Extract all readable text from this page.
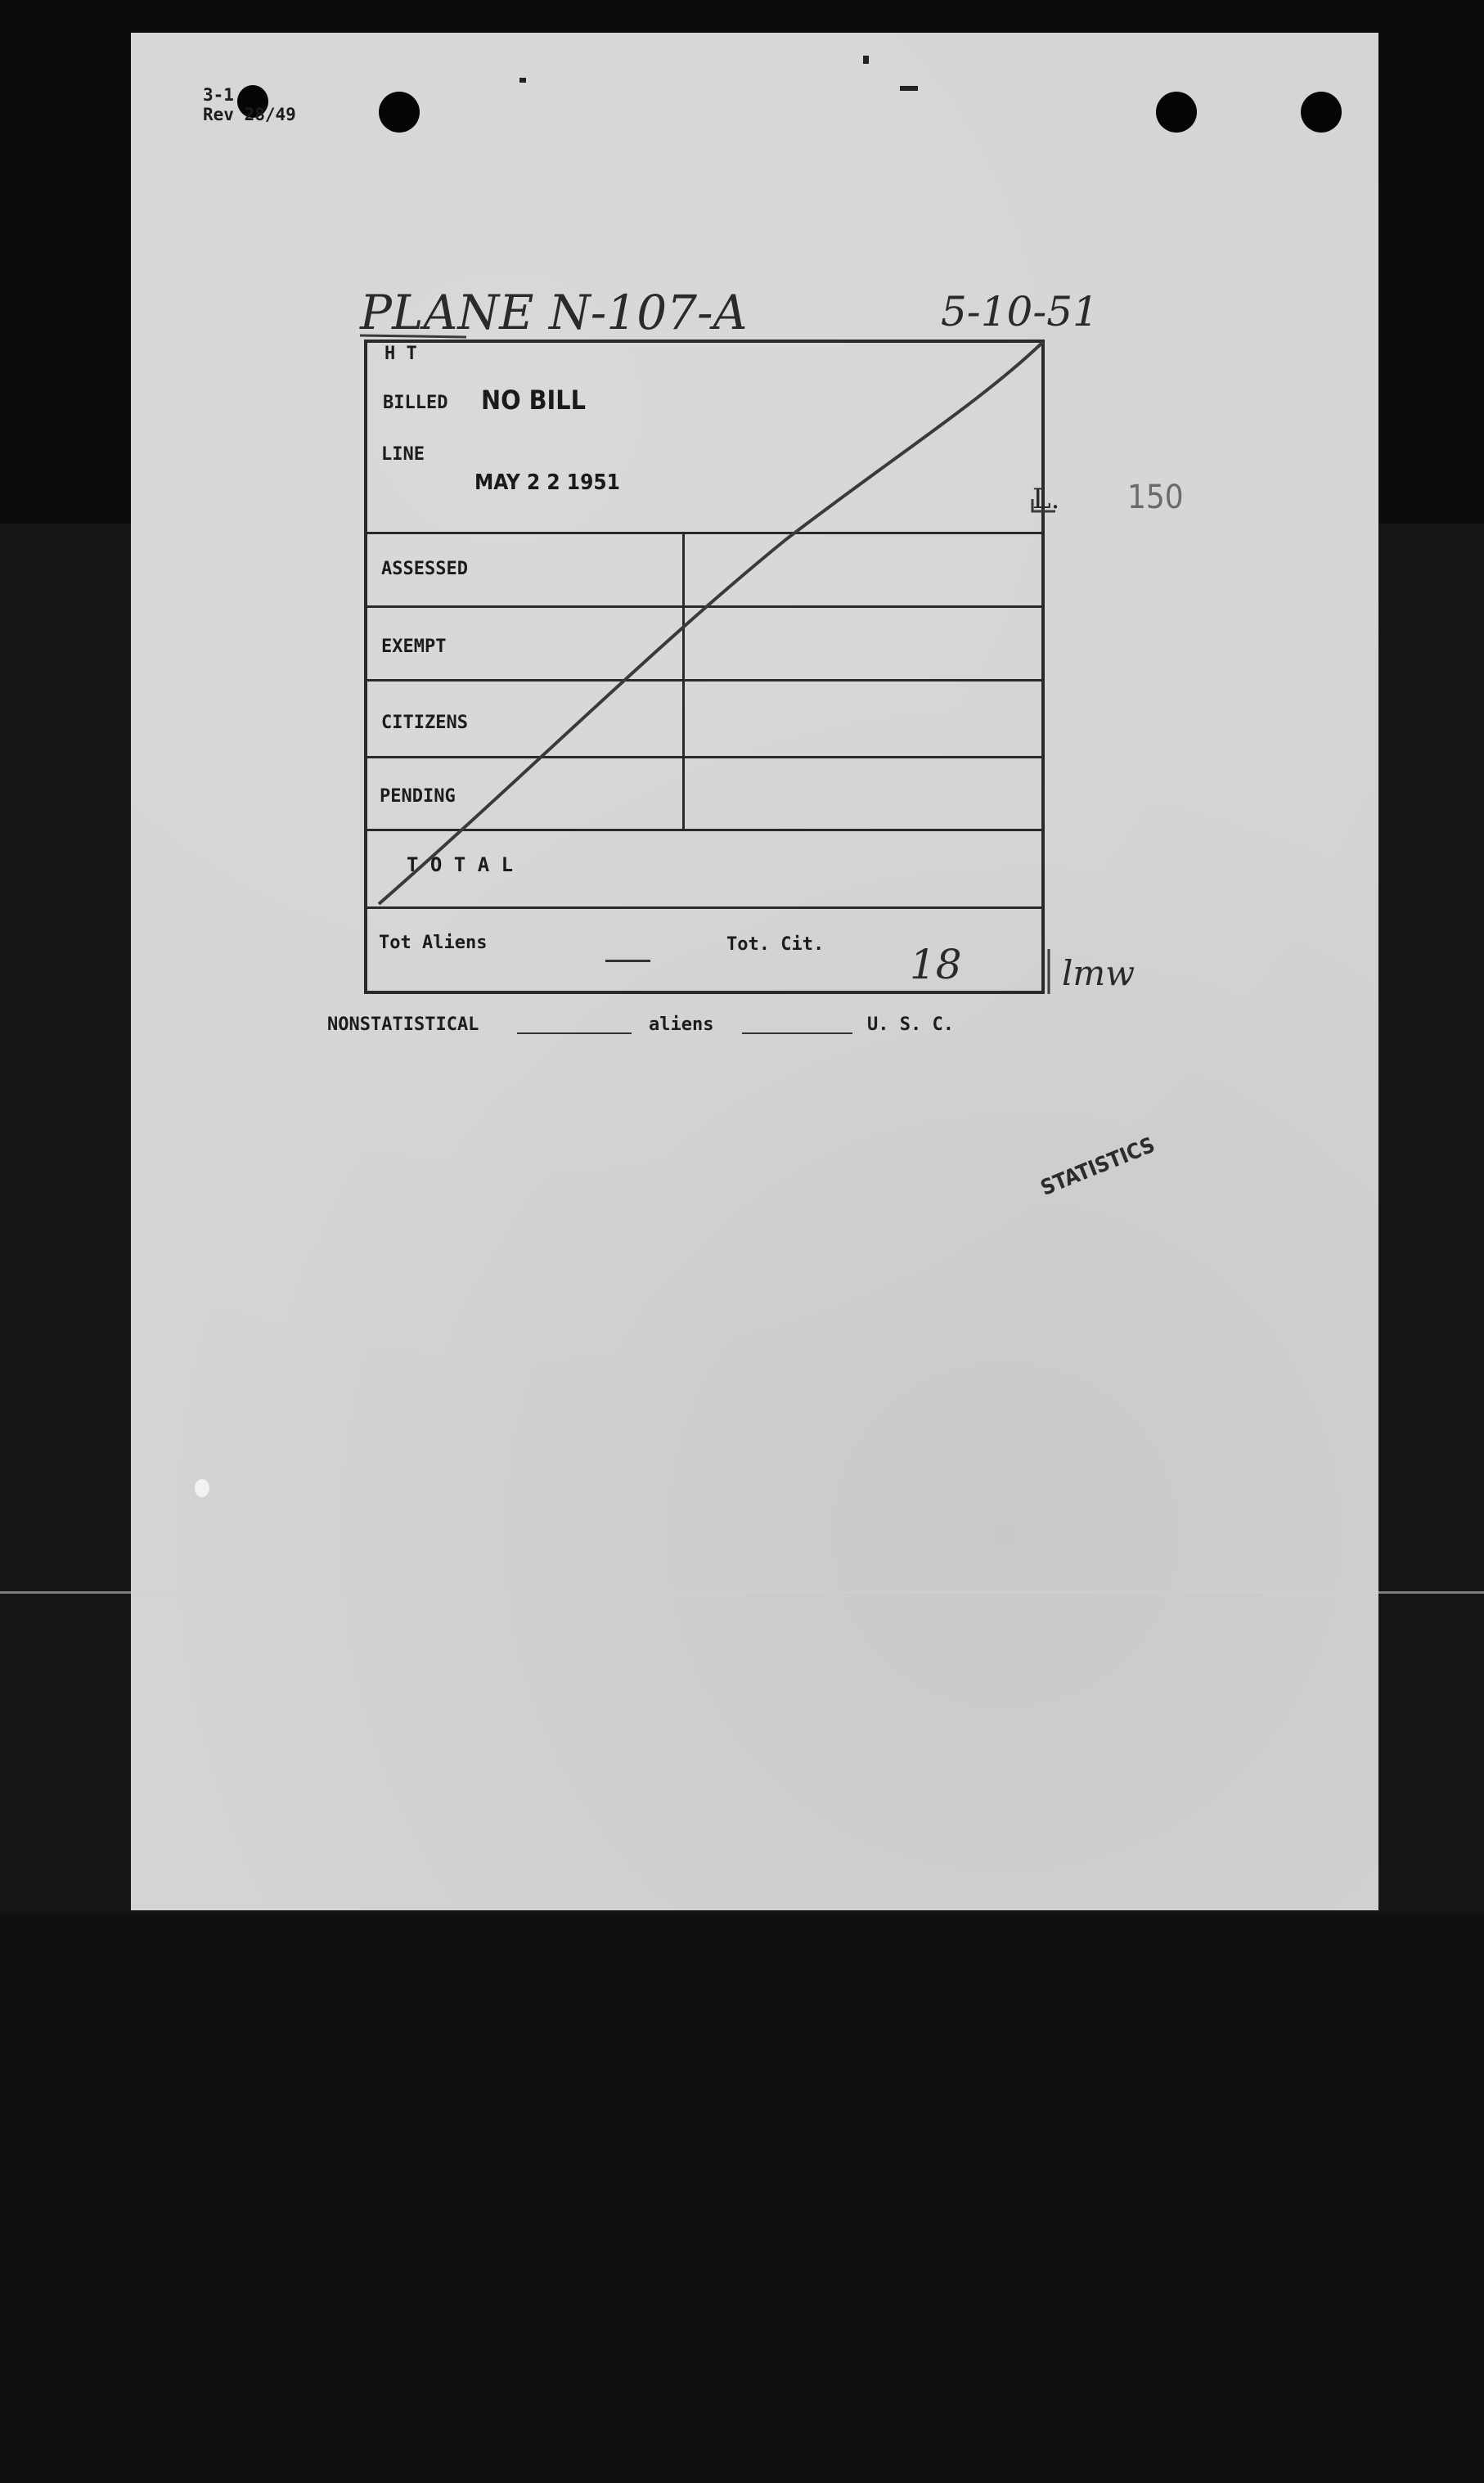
3-1
Rev 28/49
PLANE N-107-A	5-10-51
H T
BILLED NO BILL
LINE
MAY 2 2 1951
ASSESSED
EXEMPT
CITIZENS
PENDING
T O T A L
Tot Aliens	Tot. Cit. 18	lmw
L. 150
NONSTATISTICAL	aliens	U. S. C.
STATISTICS
